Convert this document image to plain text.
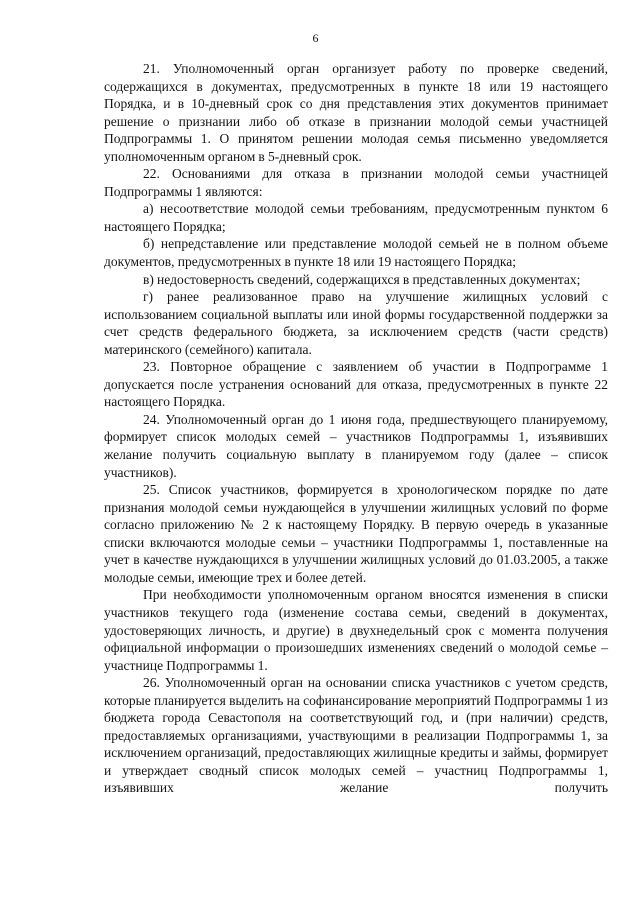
6

21. Уполномоченный орган организует работу по проверке сведений, содержащихся в документах, предусмотренных в пункте 18 или 19 настоящего Порядка, и в 10-дневный срок со дня представления этих документов принимает решение о признании либо об отказе в признании молодой семьи участницей Подпрограммы 1. О принятом решении молодая семья письменно уведомляется уполномоченным органом в 5-дневный срок.

22. Основаниями для отказа в признании молодой семьи участницей Подпрограммы 1 являются:

а) несоответствие молодой семьи требованиям, предусмотренным пунктом 6 настоящего Порядка;

б) непредставление или представление молодой семьей не в полном объеме документов, предусмотренных в пункте 18 или 19 настоящего Порядка;

в) недостоверность сведений, содержащихся в представленных документах;

г) ранее реализованное право на улучшение жилищных условий с использованием социальной выплаты или иной формы государственной поддержки за счет средств федерального бюджета, за исключением средств (части средств) материнского (семейного) капитала.

23. Повторное обращение с заявлением об участии в Подпрограмме 1 допускается после устранения оснований для отказа, предусмотренных в пункте 22 настоящего Порядка.

24. Уполномоченный орган до 1 июня года, предшествующего планируемому, формирует список молодых семей – участников Подпрограммы 1, изъявивших желание получить социальную выплату в планируемом году (далее – список участников).

25. Список участников, формируется в хронологическом порядке по дате признания молодой семьи нуждающейся в улучшении жилищных условий по форме согласно приложению № 2 к настоящему Порядку. В первую очередь в указанные списки включаются молодые семьи – участники Подпрограммы 1, поставленные на учет в качестве нуждающихся в улучшении жилищных условий до 01.03.2005, а также молодые семьи, имеющие трех и более детей.

При необходимости уполномоченным органом вносятся изменения в списки участников текущего года (изменение состава семьи, сведений в документах, удостоверяющих личность, и другие) в двухнедельный срок с момента получения официальной информации о произошедших изменениях сведений о молодой семье – участнице Подпрограммы 1.

26. Уполномоченный орган на основании списка участников с учетом средств, которые планируется выделить на софинансирование мероприятий Подпрограммы 1 из бюджета города Севастополя на соответствующий год, и (при наличии) средств, предоставляемых организациями, участвующими в реализации Подпрограммы 1, за исключением организаций, предоставляющих жилищные кредиты и займы, формирует и утверждает сводный список молодых семей – участниц Подпрограммы 1, изъявивших желание получить
